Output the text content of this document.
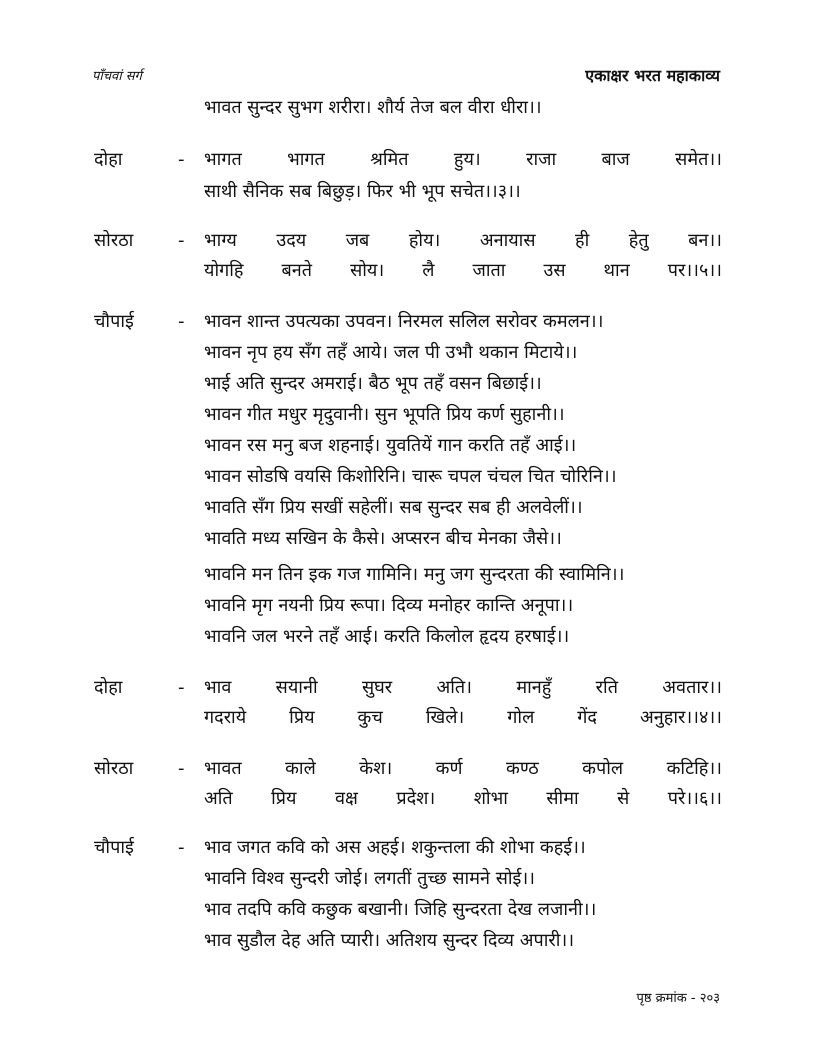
पाँचवां सर्ग	एकाक्षर भरत महाकाव्य
भावत सुन्दर सुभग शरीरा। शौर्य तेज बल वीरा धीरा।।
दोहा	- भागत भागत श्रमित हुय। राजा बाज समेत।।
साथी सैनिक सब बिछुड़। फिर भी भूप सचेत।।३।।
सोरठा - भाग्य उदय जब होय। अनायास ही हेतु बन।।
योगहि बनते सोय। लै जाता उस थान पर।।५।।
चौपाई - भावन शान्त उपत्यका उपवन। निरमल सलिल सरोवर कमलन।।
भावन नृप हय सँग तहँ आये। जल पी उभौ थकान मिटाये।।
भाई अति सुन्दर अमराई। बैठ भूप तहँ वसन बिछाई।।
भावन गीत मधुर मृदुवानी। सुन भूपति प्रिय कर्ण सुहानी।।
भावन रस मनु बज शहनाई। युवतियें गान करति तहँ आई।।
भावन सोडषि वयसि किशोरिनि। चारू चपल चंचल चित चोरिनि।।
भावति सँग प्रिय सखीं सहेलीं। सब सुन्दर सब ही अलवेलीं।।
भावति मध्य सखिन के कैसे। अप्सरन बीच मेनका जैसे।।
भावनि मन तिन इक गज गामिनि। मनु जग सुन्दरता की स्वामिनि।।
भावनि मृग नयनी प्रिय रूपा। दिव्य मनोहर कान्ति अनूपा।।
भावनि जल भरने तहँ आई। करति किलोल हृदय हरषाई।।
दोहा	- भाव सयानी सुघर अति। मानहुँ रति अवतार।।
गदराये प्रिय कुच खिले। गोल गेंद अनुहार।।४।।
सोरठा - भावत काले केश। कर्ण कण्ठ कपोल कटिहि।।
अति प्रिय वक्ष प्रदेश। शोभा सीमा से परे।।६।।
चौपाई - भाव जगत कवि को अस अहई। शकुन्तला की शोभा कहई।।
भावनि विश्व सुन्दरी जोई। लगतीं तुच्छ सामने सोई।।
भाव तदपि कवि कछुक बखानी। जिहि सुन्दरता देख लजानी।।
भाव सुडौल देह अति प्यारी। अतिशय सुन्दर दिव्य अपारी।।
पृष्ठ क्रमांक - २०३
